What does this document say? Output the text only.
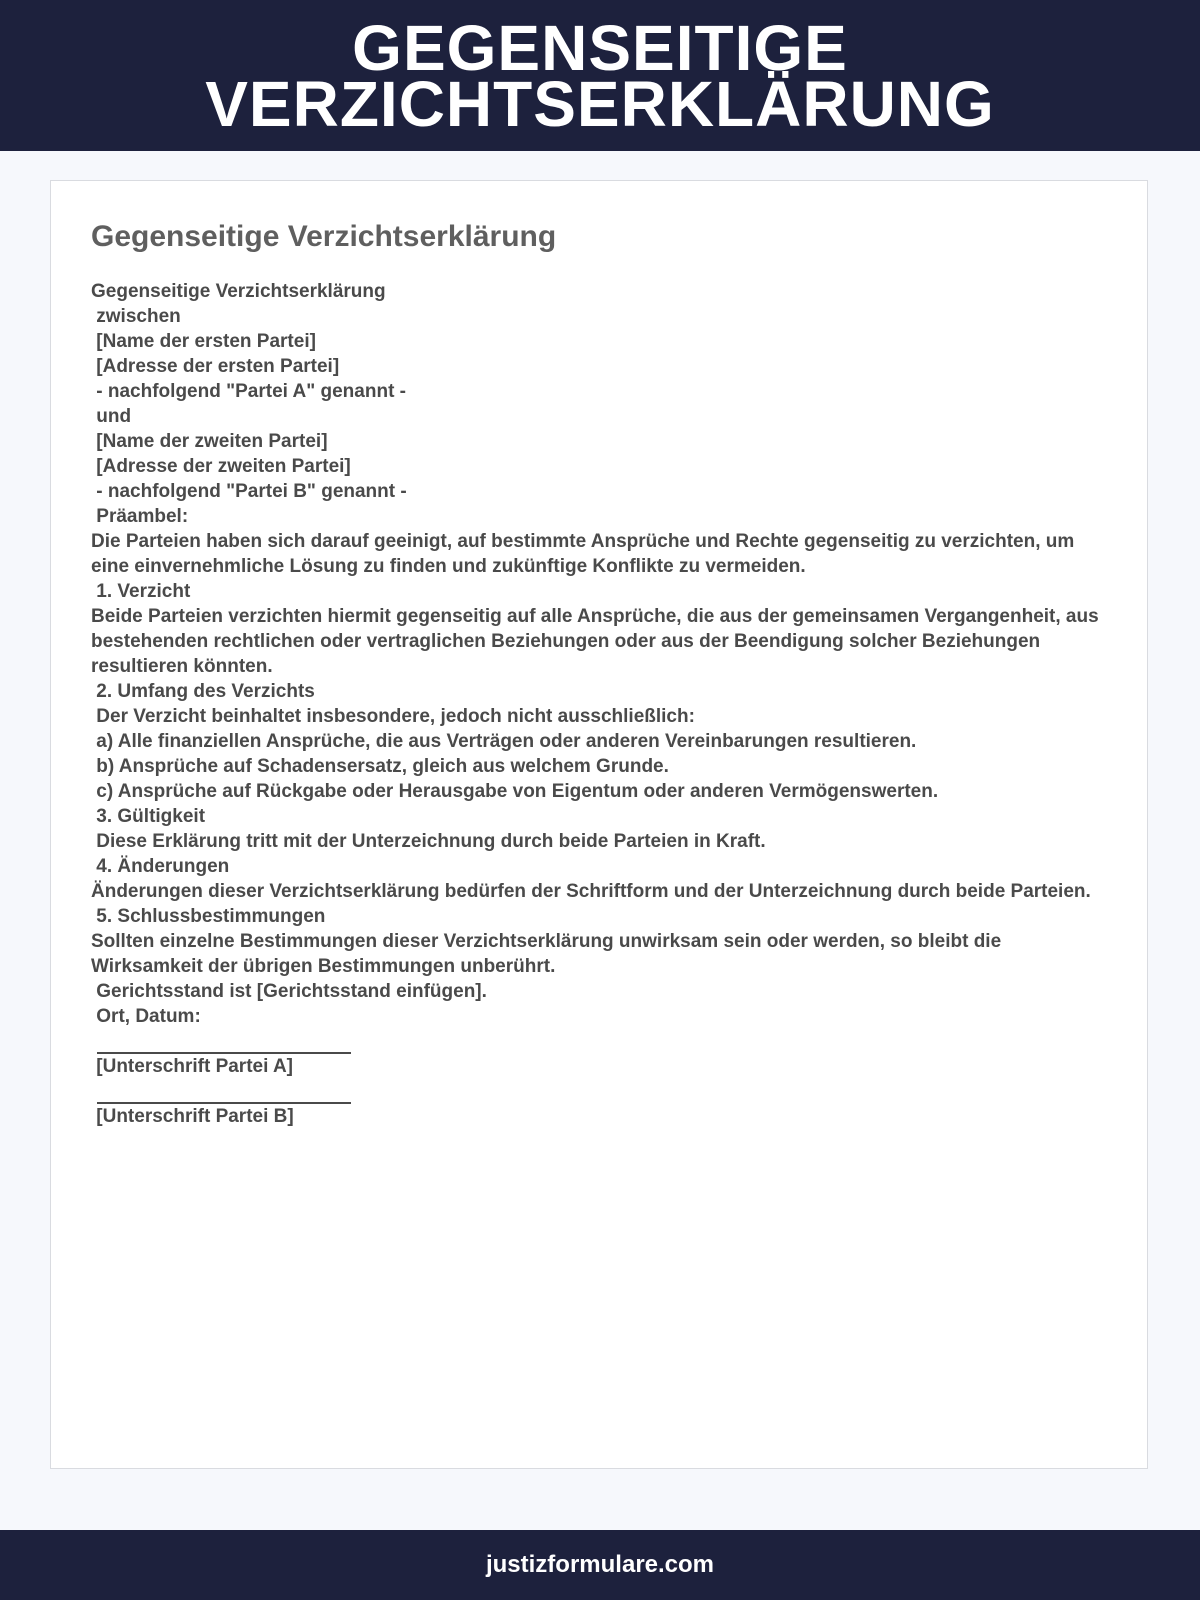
GEGENSEITIGE VERZICHTSERKLÄRUNG
Gegenseitige Verzichtserklärung

Gegenseitige Verzichtserklärung

zwischen

[Name der ersten Partei]

[Adresse der ersten Partei]

- nachfolgend "Partei A" genannt -

und

[Name der zweiten Partei]

[Adresse der zweiten Partei]

- nachfolgend "Partei B" genannt -

Präambel:

Die Parteien haben sich darauf geeinigt, auf bestimmte Ansprüche und Rechte gegenseitig zu verzichten, um eine einvernehmliche Lösung zu finden und zukünftige Konflikte zu vermeiden.

1. Verzicht

Beide Parteien verzichten hiermit gegenseitig auf alle Ansprüche, die aus der gemeinsamen Vergangenheit, aus bestehenden rechtlichen oder vertraglichen Beziehungen oder aus der Beendigung solcher Beziehungen resultieren könnten.

2. Umfang des Verzichts

Der Verzicht beinhaltet insbesondere, jedoch nicht ausschließlich:

a) Alle finanziellen Ansprüche, die aus Verträgen oder anderen Vereinbarungen resultieren.

b) Ansprüche auf Schadensersatz, gleich aus welchem Grunde.

c) Ansprüche auf Rückgabe oder Herausgabe von Eigentum oder anderen Vermögenswerten.

3. Gültigkeit

Diese Erklärung tritt mit der Unterzeichnung durch beide Parteien in Kraft.

4. Änderungen

Änderungen dieser Verzichtserklärung bedürfen der Schriftform und der Unterzeichnung durch beide Parteien.

5. Schlussbestimmungen

Sollten einzelne Bestimmungen dieser Verzichtserklärung unwirksam sein oder werden, so bleibt die Wirksamkeit der übrigen Bestimmungen unberührt.

Gerichtsstand ist [Gerichtsstand einfügen].

Ort, Datum:

[Unterschrift Partei A]

[Unterschrift Partei B]

justizformulare.com
